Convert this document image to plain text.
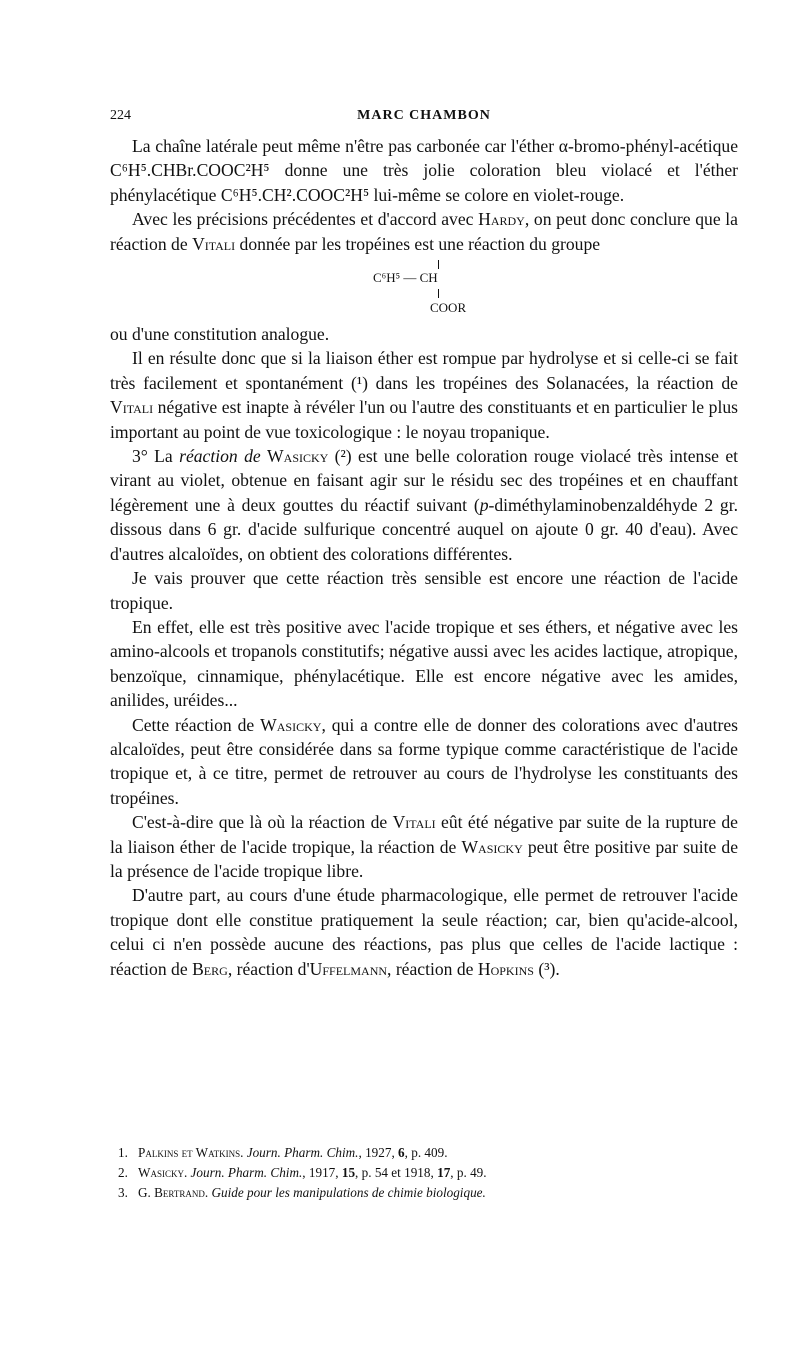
224	MARC CHAMBON

La chaîne latérale peut même n'être pas carbonée car l'éther α-bromo-phényl-acétique C⁶H⁵.CHBr.COOC²H⁵ donne une très jolie coloration bleu violacé et l'éther phénylacétique C⁶H⁵.CH².COOC²H⁵ lui-même se colore en violet-rouge.

Avec les précisions précédentes et d'accord avec Hardy, on peut donc conclure que la réaction de Vitali donnée par les tropéines est une réaction du groupe

C⁶H⁵ — CH
COOR

ou d'une constitution analogue.

Il en résulte donc que si la liaison éther est rompue par hydrolyse et si celle-ci se fait très facilement et spontanément (¹) dans les tropéines des Solanacées, la réaction de Vitali négative est inapte à révéler l'un ou l'autre des constituants et en particulier le plus important au point de vue toxicologique : le noyau tropanique.

3° La réaction de Wasicky (²) est une belle coloration rouge violacé très intense et virant au violet, obtenue en faisant agir sur le résidu sec des tropéines et en chauffant légèrement une à deux gouttes du réactif suivant (p-diméthylaminobenzaldéhyde 2 gr. dissous dans 6 gr. d'acide sulfurique concentré auquel on ajoute 0 gr. 40 d'eau). Avec d'autres alcaloïdes, on obtient des colorations différentes.

Je vais prouver que cette réaction très sensible est encore une réaction de l'acide tropique.

En effet, elle est très positive avec l'acide tropique et ses éthers, et négative avec les amino-alcools et tropanols constitutifs; négative aussi avec les acides lactique, atropique, benzoïque, cinnamique, phénylacétique. Elle est encore négative avec les amides, anilides, uréides...

Cette réaction de Wasicky, qui a contre elle de donner des colorations avec d'autres alcaloïdes, peut être considérée dans sa forme typique comme caractéristique de l'acide tropique et, à ce titre, permet de retrouver au cours de l'hydrolyse les constituants des tropéines.

C'est-à-dire que là où la réaction de Vitali eût été négative par suite de la rupture de la liaison éther de l'acide tropique, la réaction de Wasicky peut être positive par suite de la présence de l'acide tropique libre.

D'autre part, au cours d'une étude pharmacologique, elle permet de retrouver l'acide tropique dont elle constitue pratiquement la seule réaction; car, bien qu'acide-alcool, celui ci n'en possède aucune des réactions, pas plus que celles de l'acide lactique : réaction de Berg, réaction d'Uffelmann, réaction de Hopkins (³).

1. Palkins et Watkins. Journ. Pharm. Chim., 1927, 6, p. 409.
2. Wasicky. Journ. Pharm. Chim., 1917, 15, p. 54 et 1918, 17, p. 49.
3. G. Bertrand. Guide pour les manipulations de chimie biologique.
